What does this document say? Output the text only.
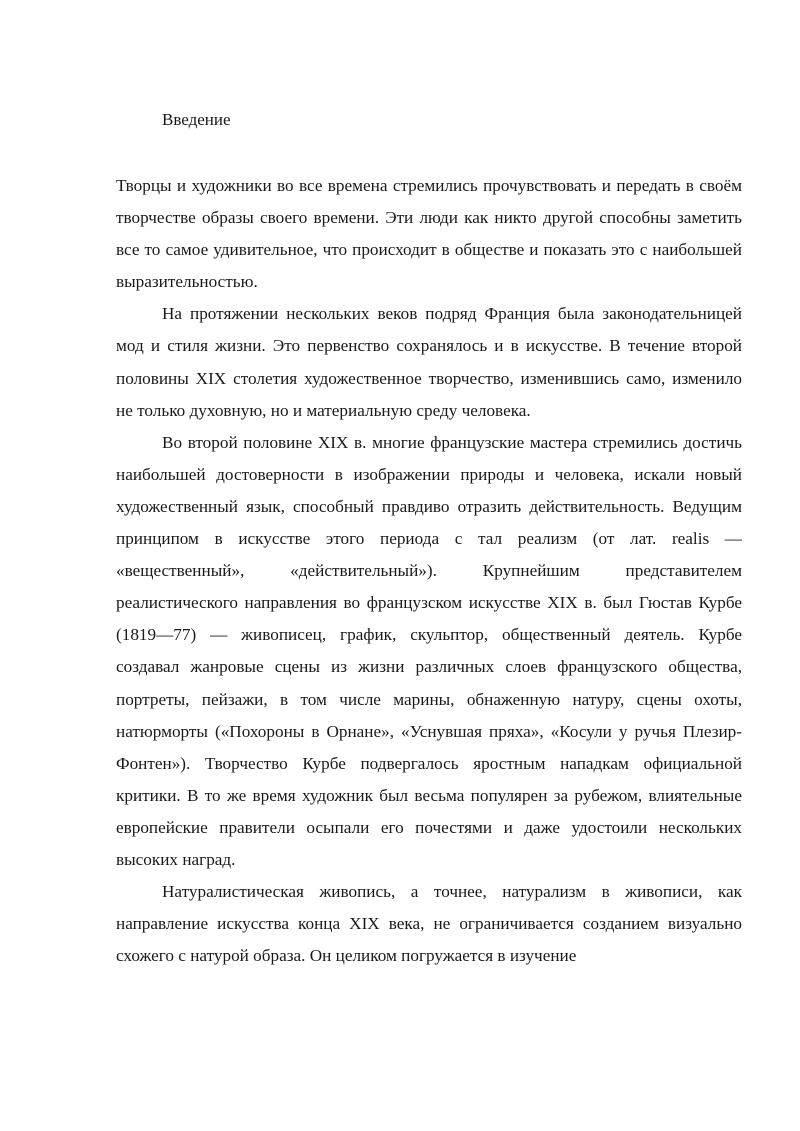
Введение

Творцы и художники во все времена стремились прочувствовать и передать в своём творчестве образы своего времени. Эти люди как никто другой способны заметить все то самое удивительное, что происходит в обществе и показать это с наибольшей выразительностью.

На протяжении нескольких веков подряд Франция была законодательницей мод и стиля жизни. Это первенство сохранялось и в искусстве. В течение второй половины XIX столетия художественное творчество, изменившись само, изменило не только духовную, но и материальную среду человека.

Во второй половине XIX в. многие французские мастера стремились достичь наибольшей достоверности в изображении природы и человека, искали новый художественный язык, способный правдиво отразить действительность. Ведущим принципом в искусстве этого периода с тал реализм (от лат. realis — «вещественный», «действительный»). Крупнейшим представителем реалистического направления во французском искусстве XIX в. был Гюстав Курбе (1819—77) — живописец, график, скульптор, общественный деятель. Курбе создавал жанровые сцены из жизни различных слоев французского общества, портреты, пейзажи, в том числе марины, обнаженную натуру, сцены охоты, натюрморты («Похороны в Орнане», «Уснувшая пряха», «Косули у ручья Плезир-Фонтен»). Творчество Курбе подвергалось яростным нападкам официальной критики. В то же время художник был весьма популярен за рубежом, влиятельные европейские правители осыпали его почестями и даже удостоили нескольких высоких наград.

Натуралистическая живопись, а точнее, натурализм в живописи, как направление искусства конца XIX века, не ограничивается созданием визуально схожего с натурой образа. Он целиком погружается в изучение
